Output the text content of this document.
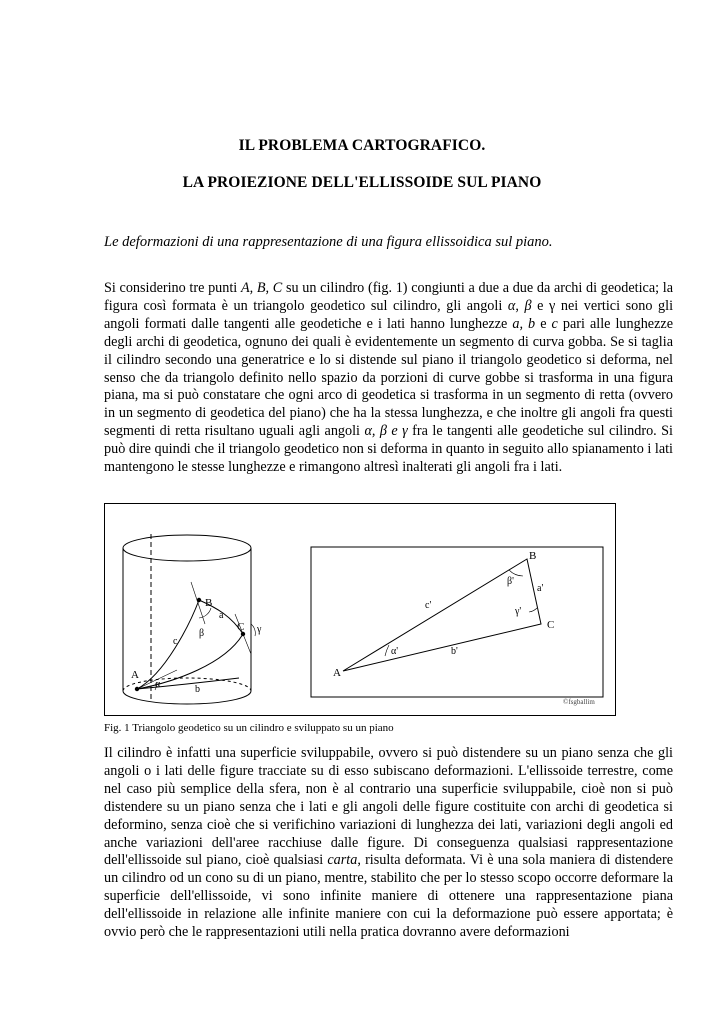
IL PROBLEMA CARTOGRAFICO.
LA PROIEZIONE DELL'ELLISSOIDE SUL PIANO
Le deformazioni di una rappresentazione di una figura ellissoidica sul piano.

Si considerino tre punti A, B, C su un cilindro (fig. 1) congiunti a due a due da archi di geodetica; la figura così formata è un triangolo geodetico sul cilindro, gli angoli α, β e γ nei vertici sono gli angoli formati dalle tangenti alle geodetiche e i lati hanno lunghezze a, b e c pari alle lunghezze degli archi di geodetica, ognuno dei quali è evidentemente un segmento di curva gobba. Se si taglia il cilindro secondo una generatrice e lo si distende sul piano il triangolo geodetico si deforma, nel senso che da triangolo definito nello spazio da porzioni di curve gobbe si trasforma in una figura piana, ma si può constatare che ogni arco di geodetica si trasforma in un segmento di retta (ovvero in un segmento di geodetica del piano) che ha la stessa lunghezza, e che inoltre gli angoli fra questi segmenti di retta risultano uguali agli angoli α, β e γ fra le tangenti alle geodetiche sul cilindro. Si può dire quindi che il triangolo geodetico non si deforma in quanto in seguito allo spianamento i lati mantengono le stesse lunghezze e rimangono altresì inalterati gli angoli fra i lati.

A
B
C
a
b
c
α
β	γ
A
B
C
a'
b'
c'
α'
β'
γ'
©fsgballim
Fig. 1 Triangolo geodetico su un cilindro e sviluppato su un piano

Il cilindro è infatti una superficie sviluppabile, ovvero si può distendere su un piano senza che gli angoli o i lati delle figure tracciate su di esso subiscano deformazioni. L'ellissoide terrestre, come nel caso più semplice della sfera, non è al contrario una superficie sviluppabile, cioè non si può distendere su un piano senza che i lati e gli angoli delle figure costituite con archi di geodetica si deformino, senza cioè che si verifichino variazioni di lunghezza dei lati, variazioni degli angoli ed anche variazioni dell'aree racchiuse dalle figure. Di conseguenza qualsiasi rappresentazione dell'ellissoide sul piano, cioè qualsiasi carta, risulta deformata. Vi è una sola maniera di distendere un cilindro od un cono su di un piano, mentre, stabilito che per lo stesso scopo occorre deformare la superficie dell'ellissoide, vi sono infinite maniere di ottenere una rappresentazione piana dell'ellissoide in relazione alle infinite maniere con cui la deformazione può essere apportata; è ovvio però che le rappresentazioni utili nella pratica dovranno avere deformazioni
